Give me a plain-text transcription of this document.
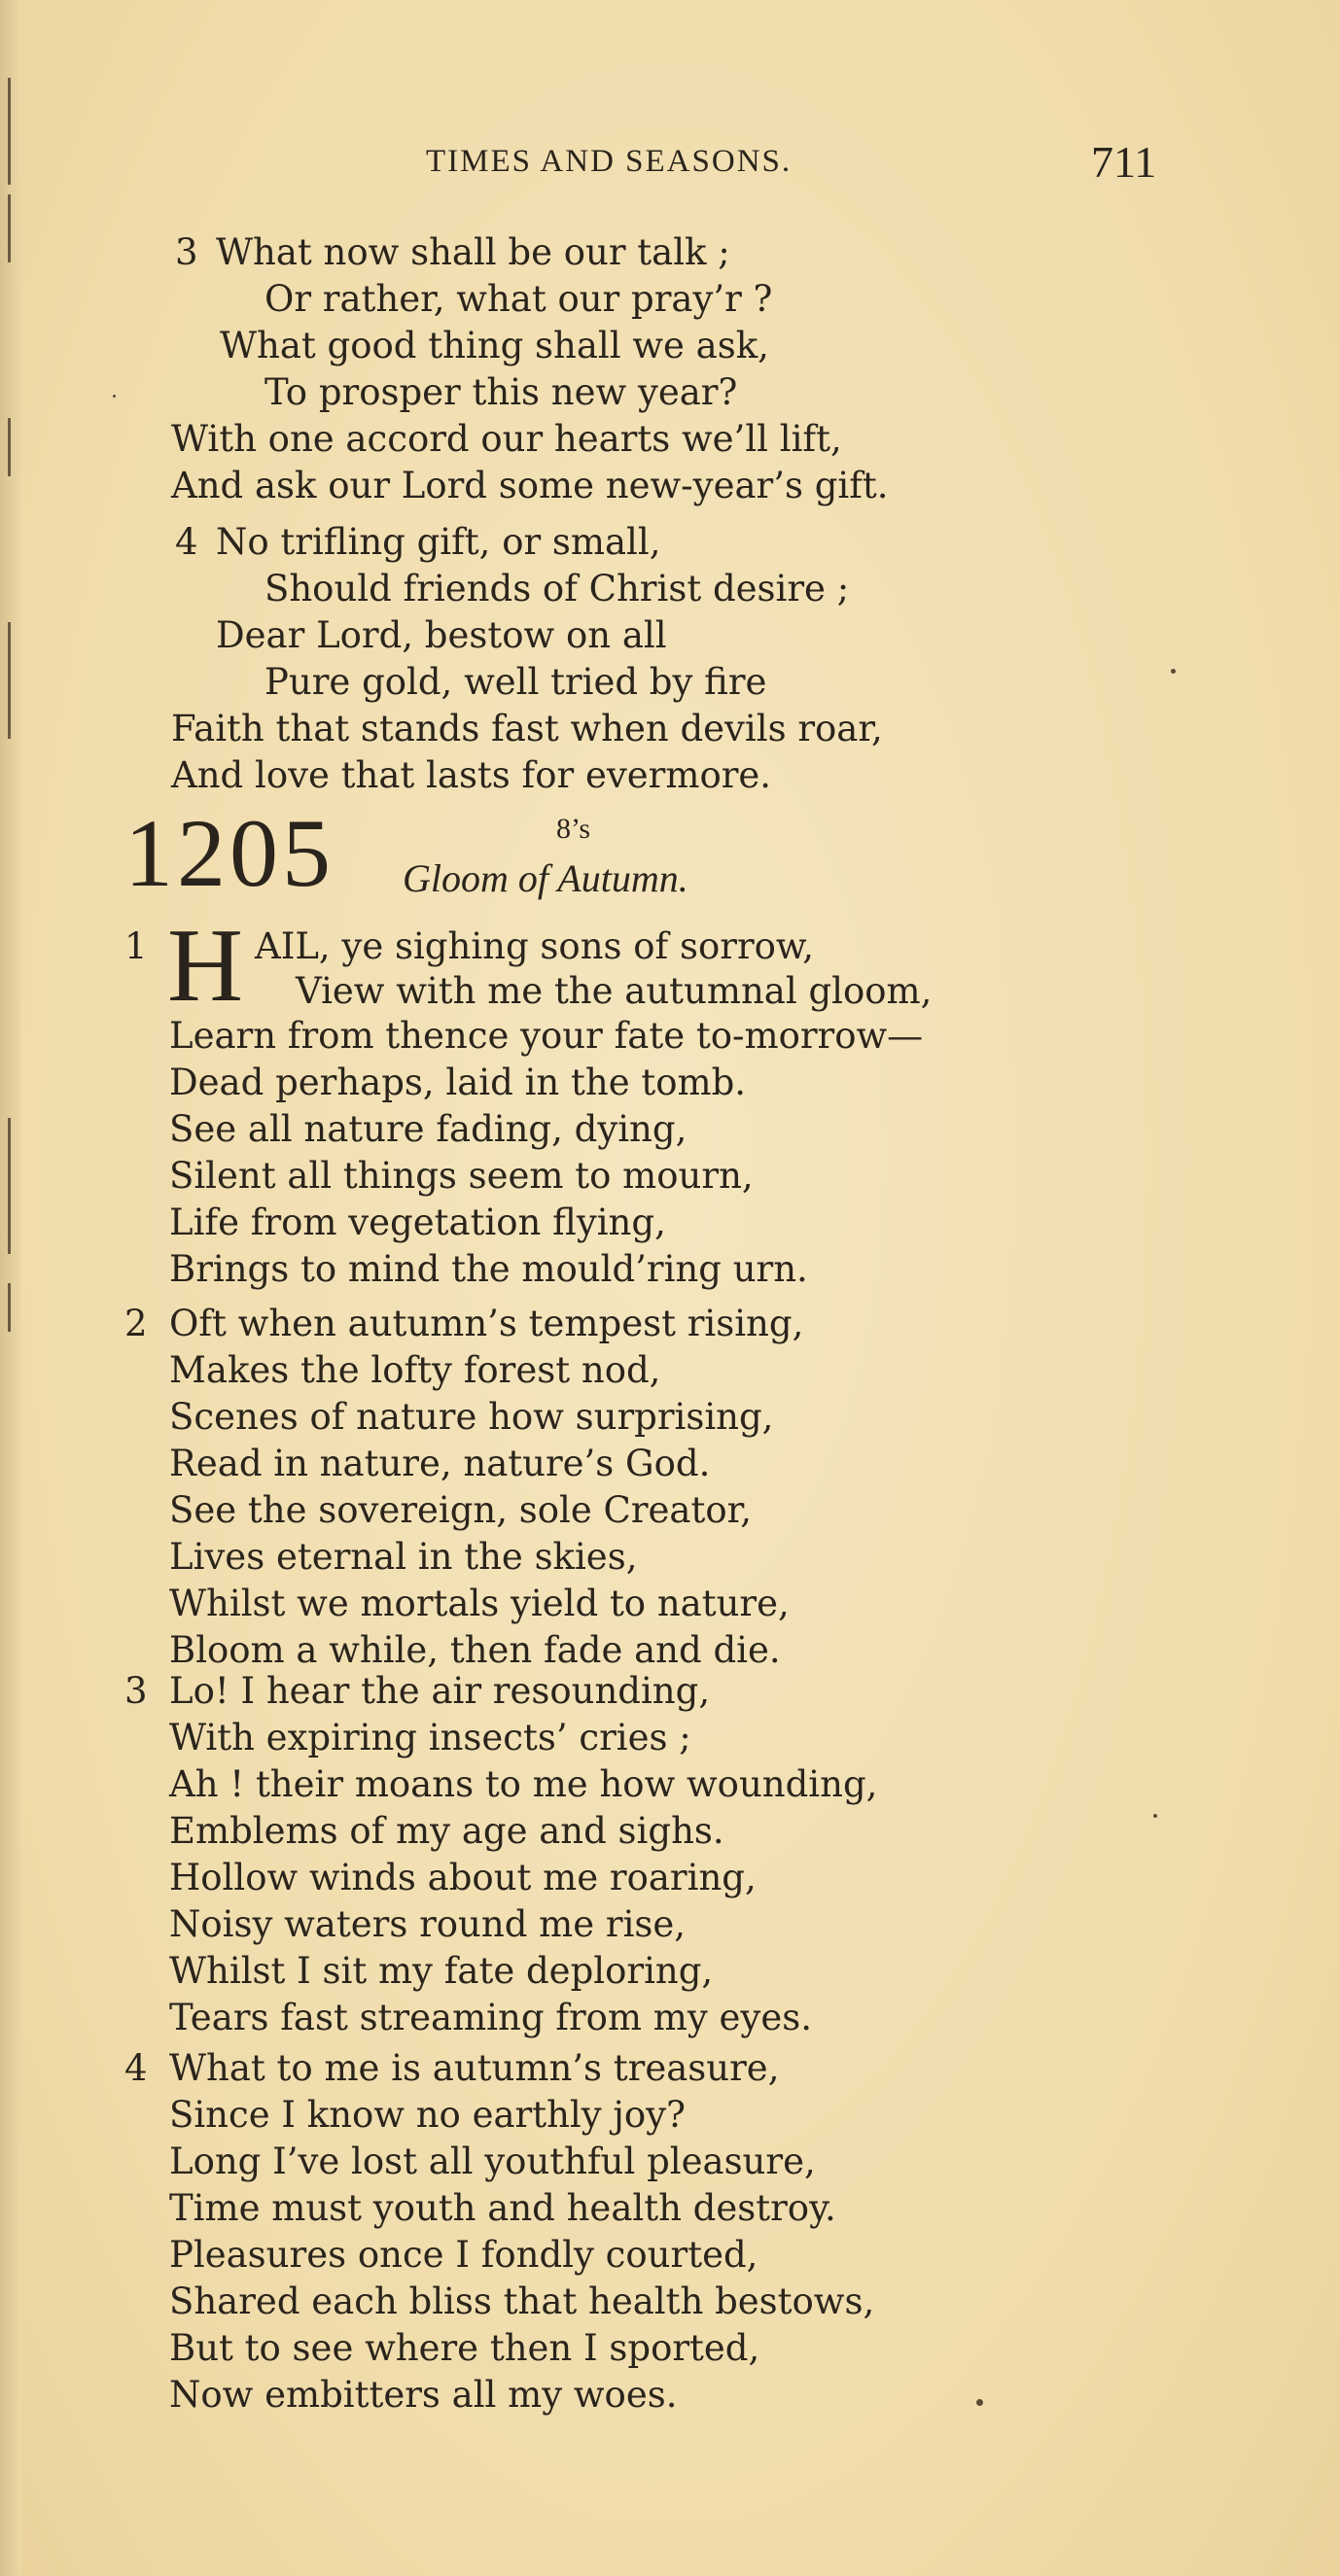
TIMES AND SEASONS.	711
3 What now shall be our talk ;
Or rather, what our pray’r ?
What good thing shall we ask,
To prosper this new year?
With one accord our hearts we’ll lift,
And ask our Lord some new-year’s gift.
4 No trifling gift, or small,
Should friends of Christ desire ;
Dear Lord, bestow on all
Pure gold, well tried by fire
Faith that stands fast when devils roar,
And love that lasts for evermore.
1205	8’s
Gloom of Autumn.
1 H AIL, ye sighing sons of sorrow,
View with me the autumnal gloom,
Learn from thence your fate to-morrow—
Dead perhaps, laid in the tomb.
See all nature fading, dying,
Silent all things seem to mourn,
Life from vegetation flying,
Brings to mind the mould’ring urn.
2 Oft when autumn’s tempest rising,
Makes the lofty forest nod,
Scenes of nature how surprising,
Read in nature, nature’s God.
See the sovereign, sole Creator,
Lives eternal in the skies,
Whilst we mortals yield to nature,
Bloom a while, then fade and die.
3 Lo! I hear the air resounding,
With expiring insects’ cries ;
Ah ! their moans to me how wounding,
Emblems of my age and sighs.
Hollow winds about me roaring,
Noisy waters round me rise,
Whilst I sit my fate deploring,
Tears fast streaming from my eyes.
4 What to me is autumn’s treasure,
Since I know no earthly joy?
Long I’ve lost all youthful pleasure,
Time must youth and health destroy.
Pleasures once I fondly courted,
Shared each bliss that health bestows,
But to see where then I sported,
Now embitters all my woes.
